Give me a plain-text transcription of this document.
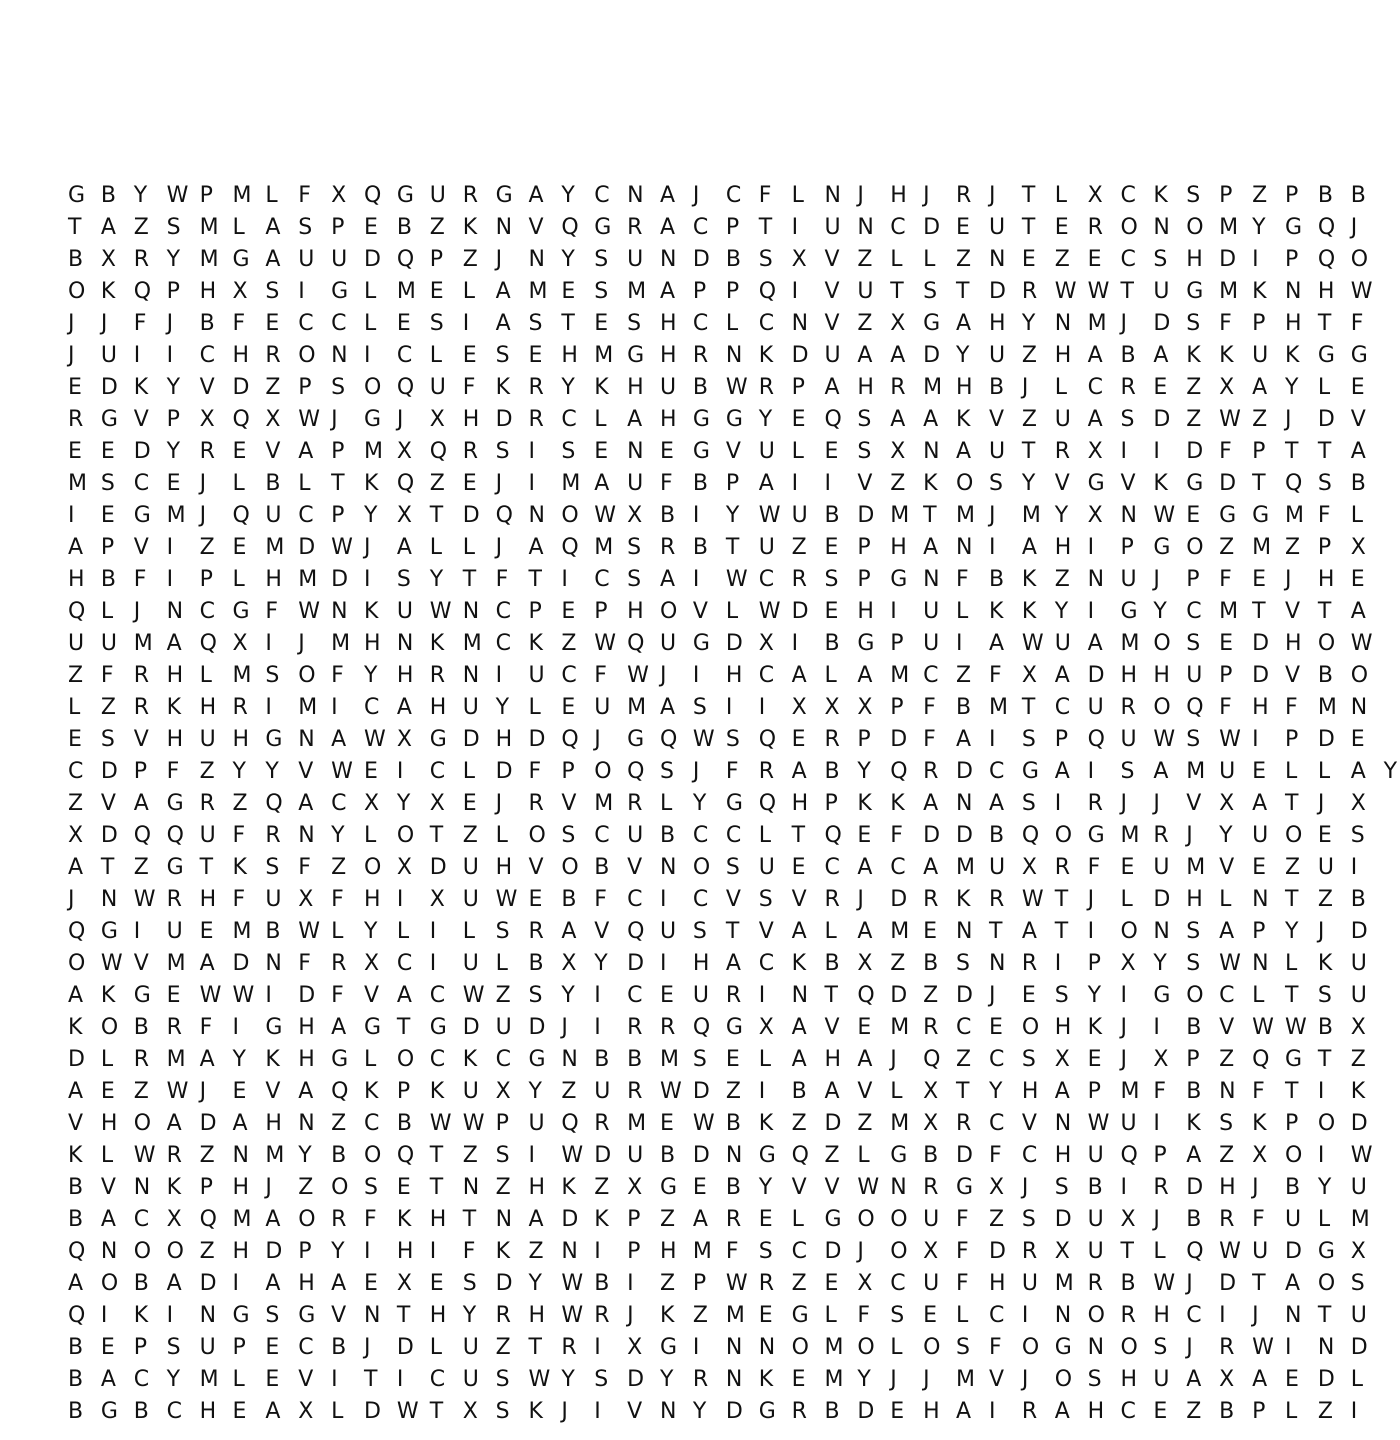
G B Y W P M L F X Q G U R G A Y C N A J	C F L N J	H J	R J	T L X C K S P Z P B B
T A Z S M L A S P E B Z K N V Q G R A C P T I	U N C D E U T E R O N O M Y G Q J
B X R Y M G A U U D Q P Z J	N Y S U N D B S X V Z L L Z N E Z E C S H D I	P Q O
O K Q P H X S I	G L M E L A M E S M A P P Q I	V U T S T D R W W T U G M K N H W
J	J	F J	B F E C C L E S I	A S T E S H C L C N V Z X G A H Y N M J	D S F P H T F
J	U I	I	C H R O N I	C L E S E H M G H R N K D U A A D Y U Z H A B A K K U K G G
E D K Y V D Z P S O Q U F K R Y K H U B W R P A H R M H B J	L C R E Z X A Y L E
R G V P X Q X W J	G J	X H D R C L A H G G Y E Q S A A K V Z U A S D Z W Z J	D V
E E D Y R E V A P M X Q R S I	S E N E G V U L E S X N A U T R X I	I	D F P T T A
M S C E J	L B L T K Q Z E J	I	M A U F B P A I	I	V Z K O S Y V G V K G D T Q S B
I	E G M J	Q U C P Y X T D Q N O W X B I	Y W U B D M T M J	M Y X N W E G G M F L
A P V I	Z E M D W J	A L L J	A Q M S R B T U Z E P H A N I	A H I	P G O Z M Z P X
H B F I	P L H M D I	S Y T F T I	C S A I	W C R S P G N F B K Z N U J	P F E J	H E
Q L J	N C G F W N K U W N C P E P H O V L W D E H I	U L K K Y I	G Y C M T V T A
U U M A Q X I	J	M H N K M C K Z W Q U G D X I	B G P U I	A W U A M O S E D H O W
Z F R H L M S O F Y H R N I	U C F W J	I	H C A L A M C Z F X A D H H U P D V B O
L Z R K H R I	M I	C A H U Y L E U M A S I	I	X X X P F B M T C U R O Q F H F M N
E S V H U H G N A W X G D H D Q J	G Q W S Q E R P D F A I	S P Q U W S W I	P D E
C D P F Z Y Y V W E I	C L D F P O Q S J	F R A B Y Q R D C G A I	S A M U E L L A Y
Z V A G R Z Q A C X Y X E J	R V M R L Y G Q H P K K A N A S I	R J	J	V X A T J	X
X D Q Q U F R N Y L O T Z L O S C U B C C L T Q E F D D B Q O G M R J	Y U O E S
A T Z G T K S F Z O X D U H V O B V N O S U E C A C A M U X R F E U M V E Z U I
J	N W R H F U X F H I	X U W E B F C I	C V S V R J	D R K R W T J	L D H L N T Z B
Q G I	U E M B W L Y L I	L S R A V Q U S T V A L A M E N T A T I	O N S A P Y J	D
O W V M A D N F R X C I	U L B X Y D I	H A C K B X Z B S N R I	P X Y S W N L K U
A K G E W W I	D F V A C W Z S Y I	C E U R I	N T Q D Z D J	E S Y I	G O C L T S U
K O B R F I	G H A G T G D U D J	I	R R Q G X A V E M R C E O H K J	I	B V W W B X
D L R M A Y K H G L O C K C G N B B M S E L A H A J	Q Z C S X E J	X P Z Q G T Z
A E Z W J	E V A Q K P K U X Y Z U R W D Z I	B A V L X T Y H A P M F B N F T I	K
V H O A D A H N Z C B W W P U Q R M E W B K Z D Z M X R C V N W U I	K S K P O D
K L W R Z N M Y B O Q T Z S I	W D U B D N G Q Z L G B D F C H U Q P A Z X O I	W
B V N K P H J	Z O S E T N Z H K Z X G E B Y V V W N R G X J	S B I	R D H J	B Y U
B A C X Q M A O R F K H T N A D K P Z A R E L G O O U F Z S D U X J	B R F U L M
Q N O O Z H D P Y I	H I	F K Z N I	P H M F S C D J	O X F D R X U T L Q W U D G X
A O B A D I	A H A E X E S D Y W B I	Z P W R Z E X C U F H U M R B W J	D T A O S
Q I	K I	N G S G V N T H Y R H W R J	K Z M E G L F S E L C I	N O R H C I	J	N T U
B E P S U P E C B J	D L U Z T R I	X G I	N N O M O L O S F O G N O S J	R W I	N D
B A C Y M L E V I	T I	C U S W Y S D Y R N K E M Y J	J	M V J	O S H U A X A E D L
B G B C H E A X L D W T X S K J	I	V N Y D G R B D E H A I	R A H C E Z B P L Z I
